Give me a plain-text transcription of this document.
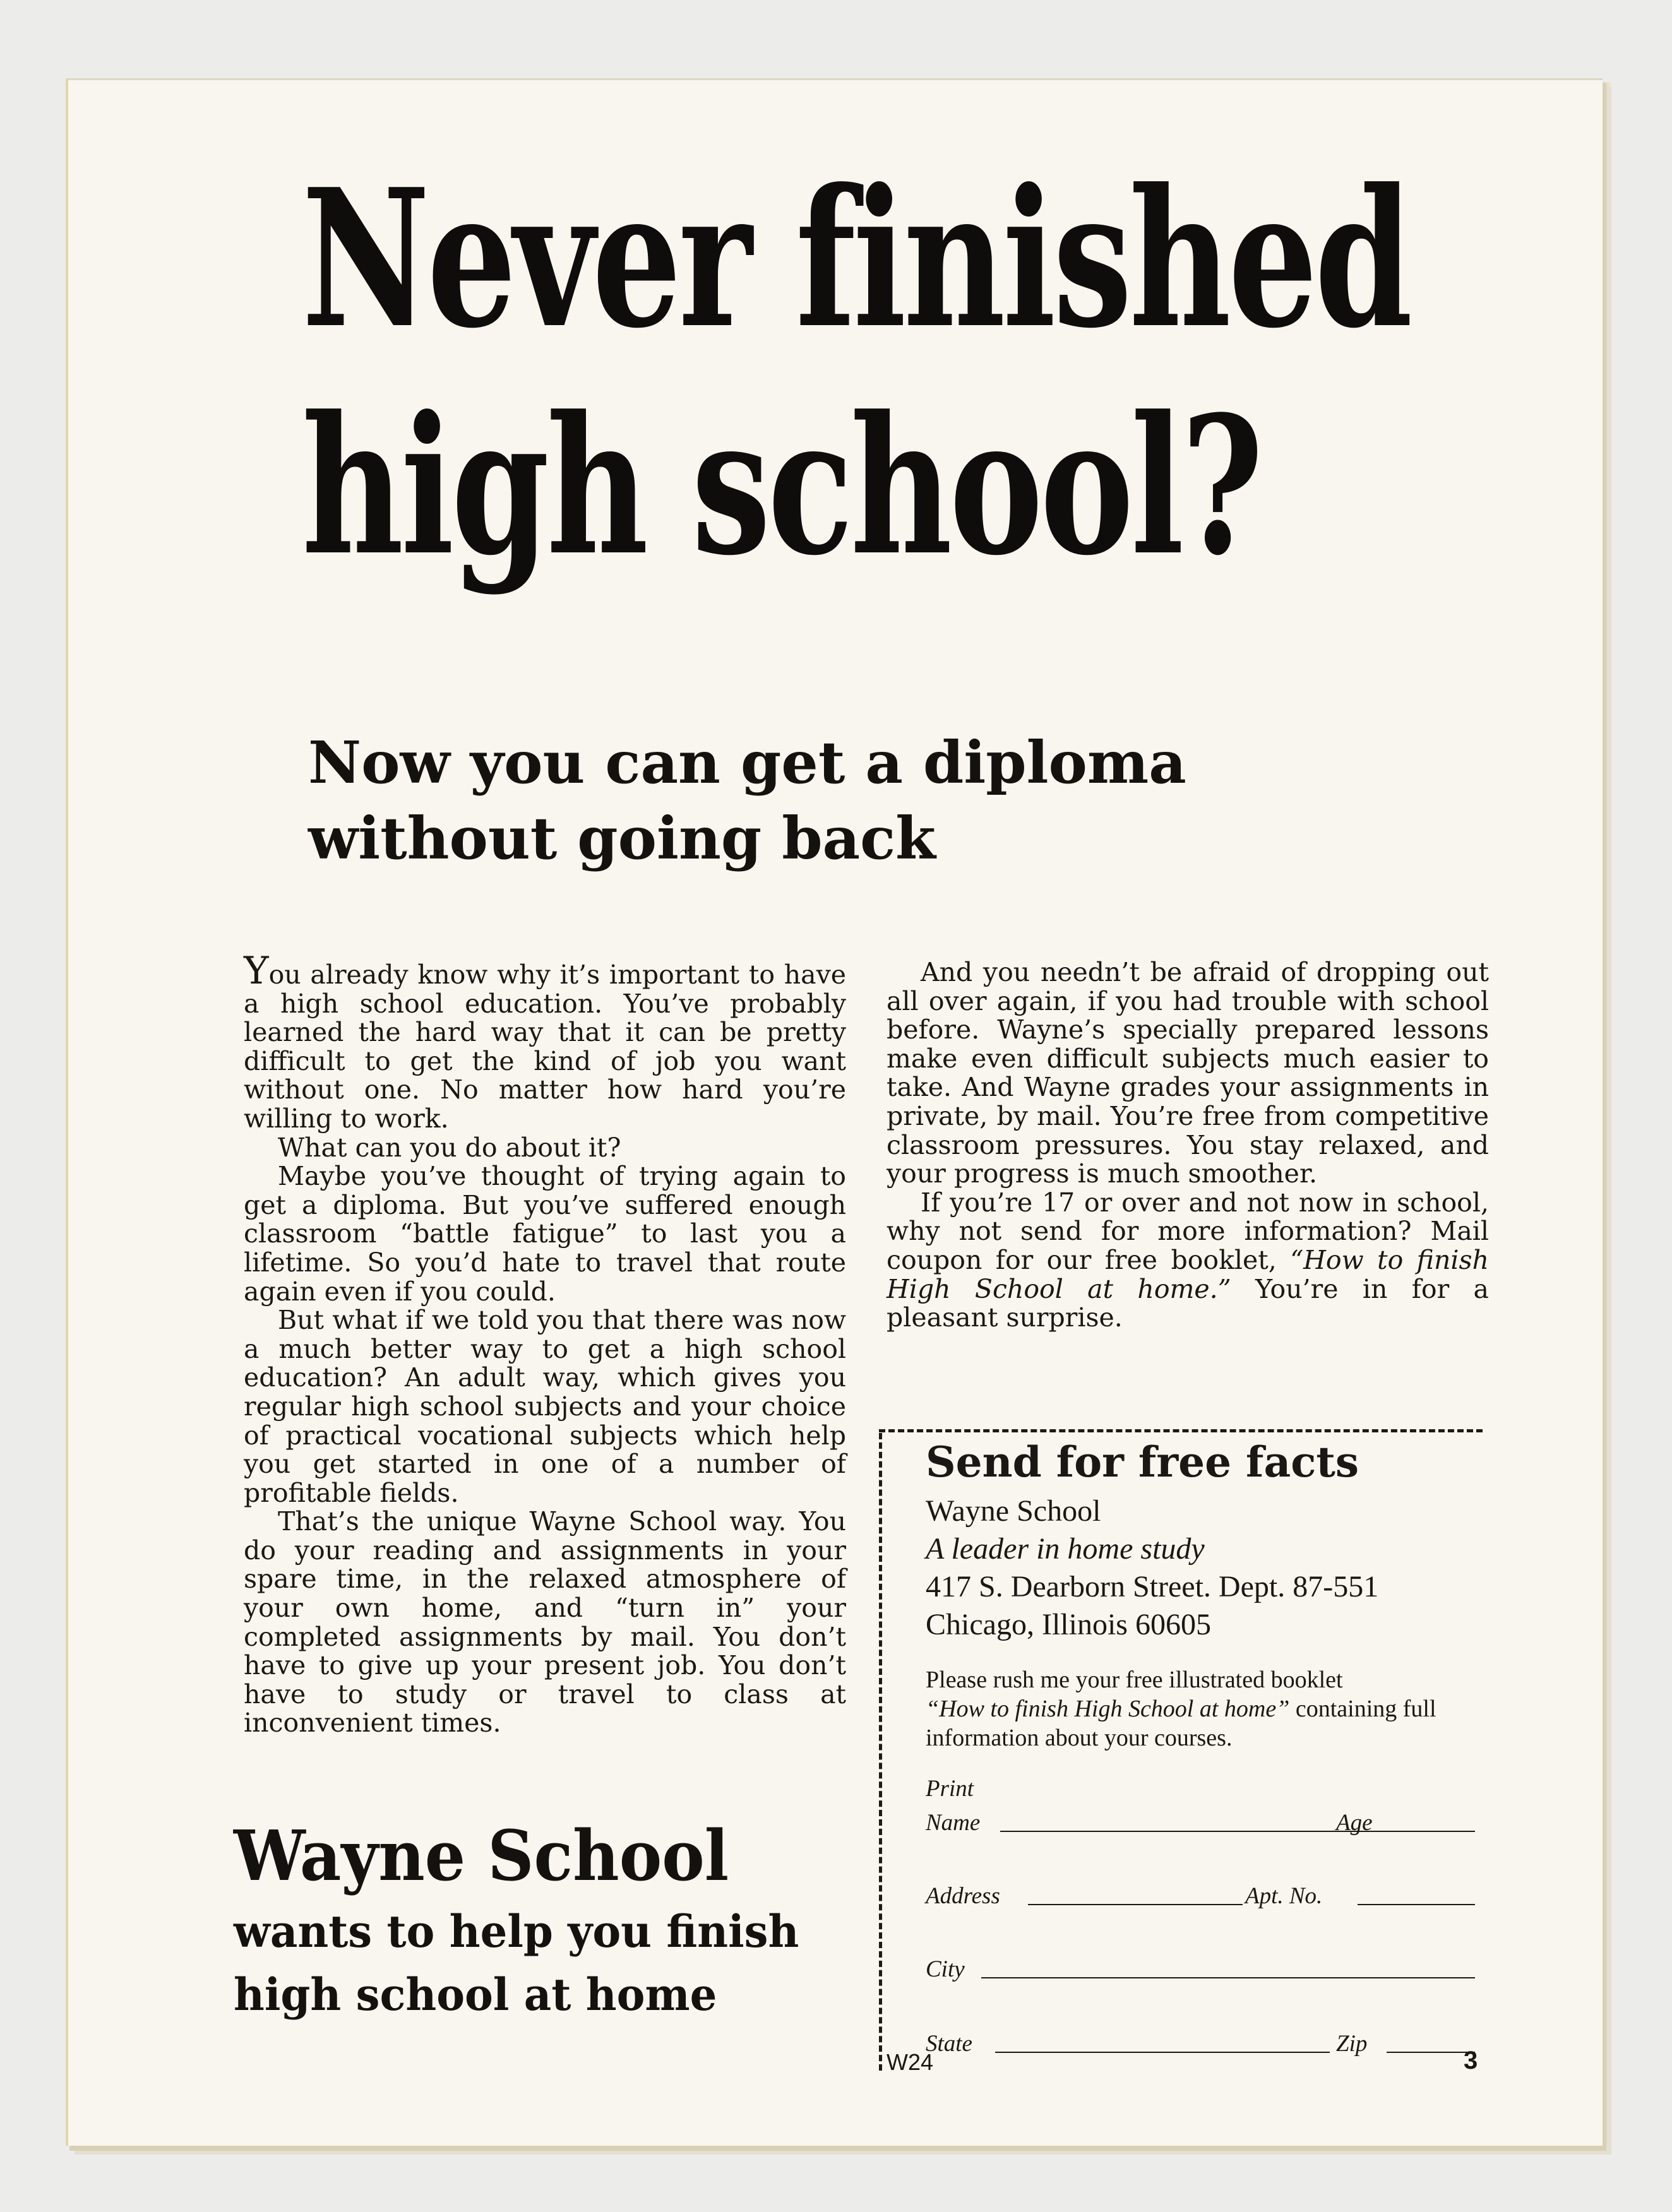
Never finished
high school?
Now you can get a diploma
without going back

You already know why it’s important to have a high school education. You’ve probably learned the hard way that it can be pretty difficult to get the kind of job you want without one. No matter how hard you’re willing to work.

What can you do about it?

Maybe you’ve thought of trying again to get a diploma. But you’ve suffered enough classroom “battle fatigue” to last you a lifetime. So you’d hate to travel that route again even if you could.

But what if we told you that there was now a much better way to get a high school education? An adult way, which gives you regular high school subjects and your choice of practical vocational subjects which help you get started in one of a number of profitable fields.

That’s the unique Wayne School way. You do your reading and assignments in your spare time, in the relaxed atmosphere of your own home, and “turn in” your completed assignments by mail. You don’t have to give up your present job. You don’t have to study or travel to class at inconvenient times.

And you needn’t be afraid of dropping out all over again, if you had trouble with school before. Wayne’s specially prepared lessons make even difficult subjects much easier to take. And Wayne grades your assignments in private, by mail. You’re free from competitive classroom pressures. You stay relaxed, and your progress is much smoother.

If you’re 17 or over and not now in school, why not send for more information? Mail coupon for our free booklet, “How to finish High School at home.” You’re in for a pleasant surprise.

Wayne School
wants to help you finish
high school at home

Send for free facts

Wayne School

A leader in home study

417 S. Dearborn Street. Dept. 87-551

Chicago, Illinois 60605

Please rush me your free illustrated booklet
“How to finish High School at home” containing full information about your courses.
Print
Name	Age
Address	Apt. No.
City
State	Zip
W24	3
